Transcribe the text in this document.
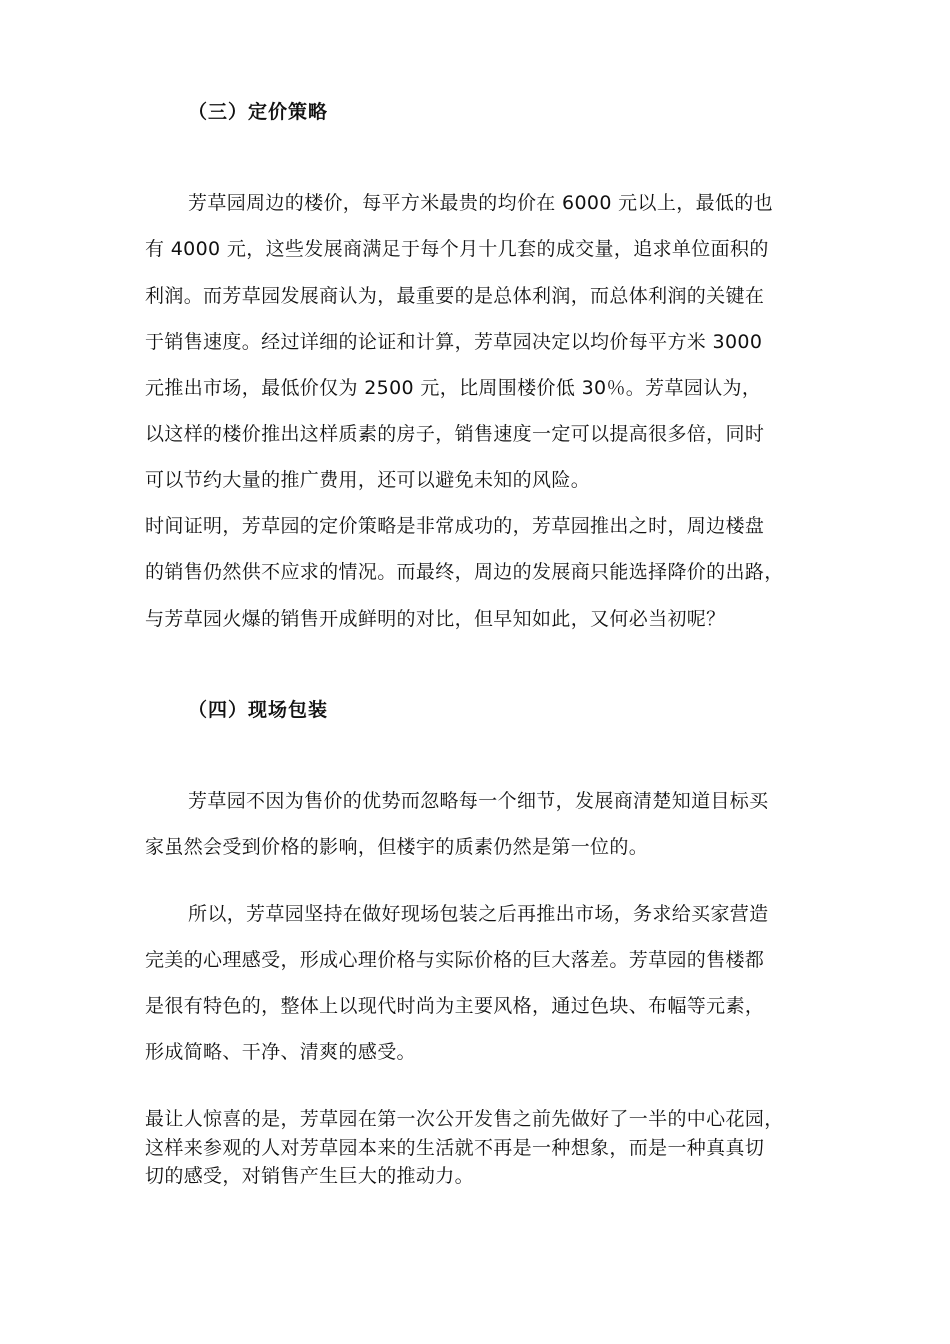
（三）定价策略
芳草园周边的楼价，每平方米最贵的均价在 6000 元以上，最低的也
有 4000 元，这些发展商满足于每个月十几套的成交量，追求单位面积的
利润。而芳草园发展商认为，最重要的是总体利润，而总体利润的关键在
于销售速度。经过详细的论证和计算，芳草园决定以均价每平方米 3000
元推出市场，最低价仅为 2500 元，比周围楼价低 30％。芳草园认为，
以这样的楼价推出这样质素的房子，销售速度一定可以提高很多倍，同时
可以节约大量的推广费用，还可以避免未知的风险。
时间证明，芳草园的定价策略是非常成功的，芳草园推出之时，周边楼盘
的销售仍然供不应求的情况。而最终，周边的发展商只能选择降价的出路，
与芳草园火爆的销售开成鲜明的对比，但早知如此，又何必当初呢？
（四）现场包装
芳草园不因为售价的优势而忽略每一个细节，发展商清楚知道目标买
家虽然会受到价格的影响，但楼宇的质素仍然是第一位的。
所以，芳草园坚持在做好现场包装之后再推出市场，务求给买家营造
完美的心理感受，形成心理价格与实际价格的巨大落差。芳草园的售楼都
是很有特色的，整体上以现代时尚为主要风格，通过色块、布幅等元素，
形成简略、干净、清爽的感受。
最让人惊喜的是，芳草园在第一次公开发售之前先做好了一半的中心花园，
这样来参观的人对芳草园本来的生活就不再是一种想象，而是一种真真切
切的感受，对销售产生巨大的推动力。
